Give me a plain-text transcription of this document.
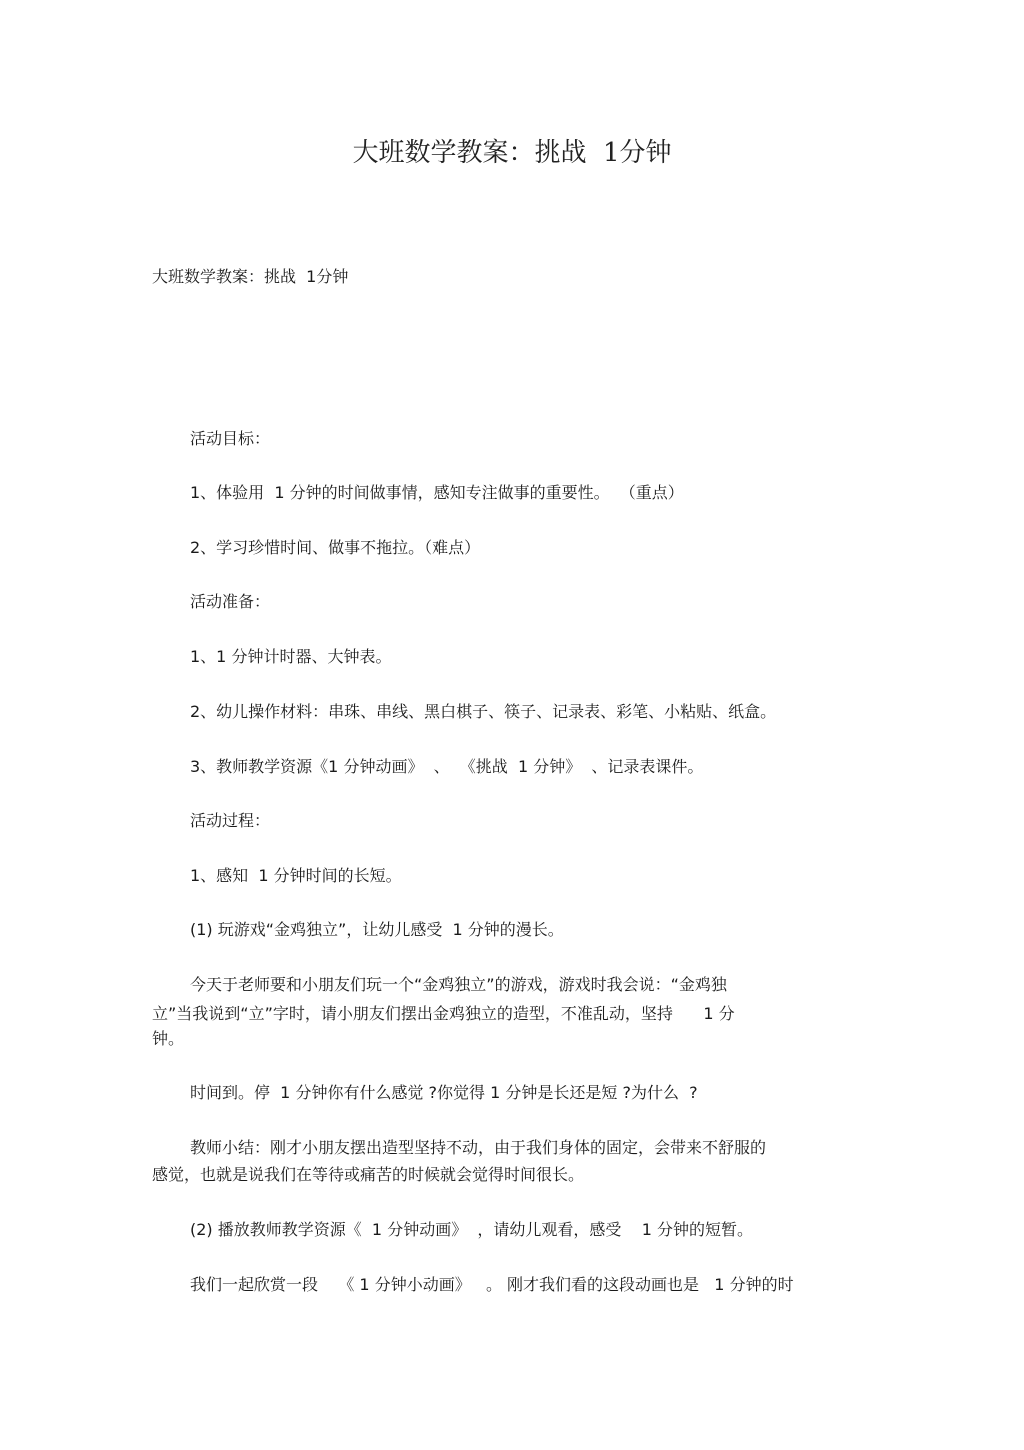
大班数学教案：挑战  1分钟
大班数学教案：挑战  1分钟
活动目标：
1、体验用  1 分钟的时间做事情，感知专注做事的重要性。  （重点）
2、学习珍惜时间、做事不拖拉。（难点）
活动准备：
1、1 分钟计时器、大钟表。
2、幼儿操作材料：串珠、串线、黑白棋子、筷子、记录表、彩笔、小粘贴、纸盒。
3、教师教学资源《1 分钟动画》  、  《挑战  1 分钟》  、记录表课件。
活动过程：
1、感知  1 分钟时间的长短。
(1) 玩游戏“金鸡独立”，让幼儿感受  1 分钟的漫长。
今天于老师要和小朋友们玩一个“金鸡独立”的游戏，游戏时我会说：“金鸡独
立”当我说到“立”字时，请小朋友们摆出金鸡独立的造型，不准乱动，坚持      1 分
钟。
时间到。停  1 分钟你有什么感觉 ?你觉得 1 分钟是长还是短 ?为什么  ?
教师小结：刚才小朋友摆出造型坚持不动，由于我们身体的固定，会带来不舒服的
感觉，也就是说我们在等待或痛苦的时候就会觉得时间很长。
(2) 播放教师教学资源《  1 分钟动画》  ，请幼儿观看，感受    1 分钟的短暂。
我们一起欣赏一段    《 1 分钟小动画》   。 刚才我们看的这段动画也是   1 分钟的时
